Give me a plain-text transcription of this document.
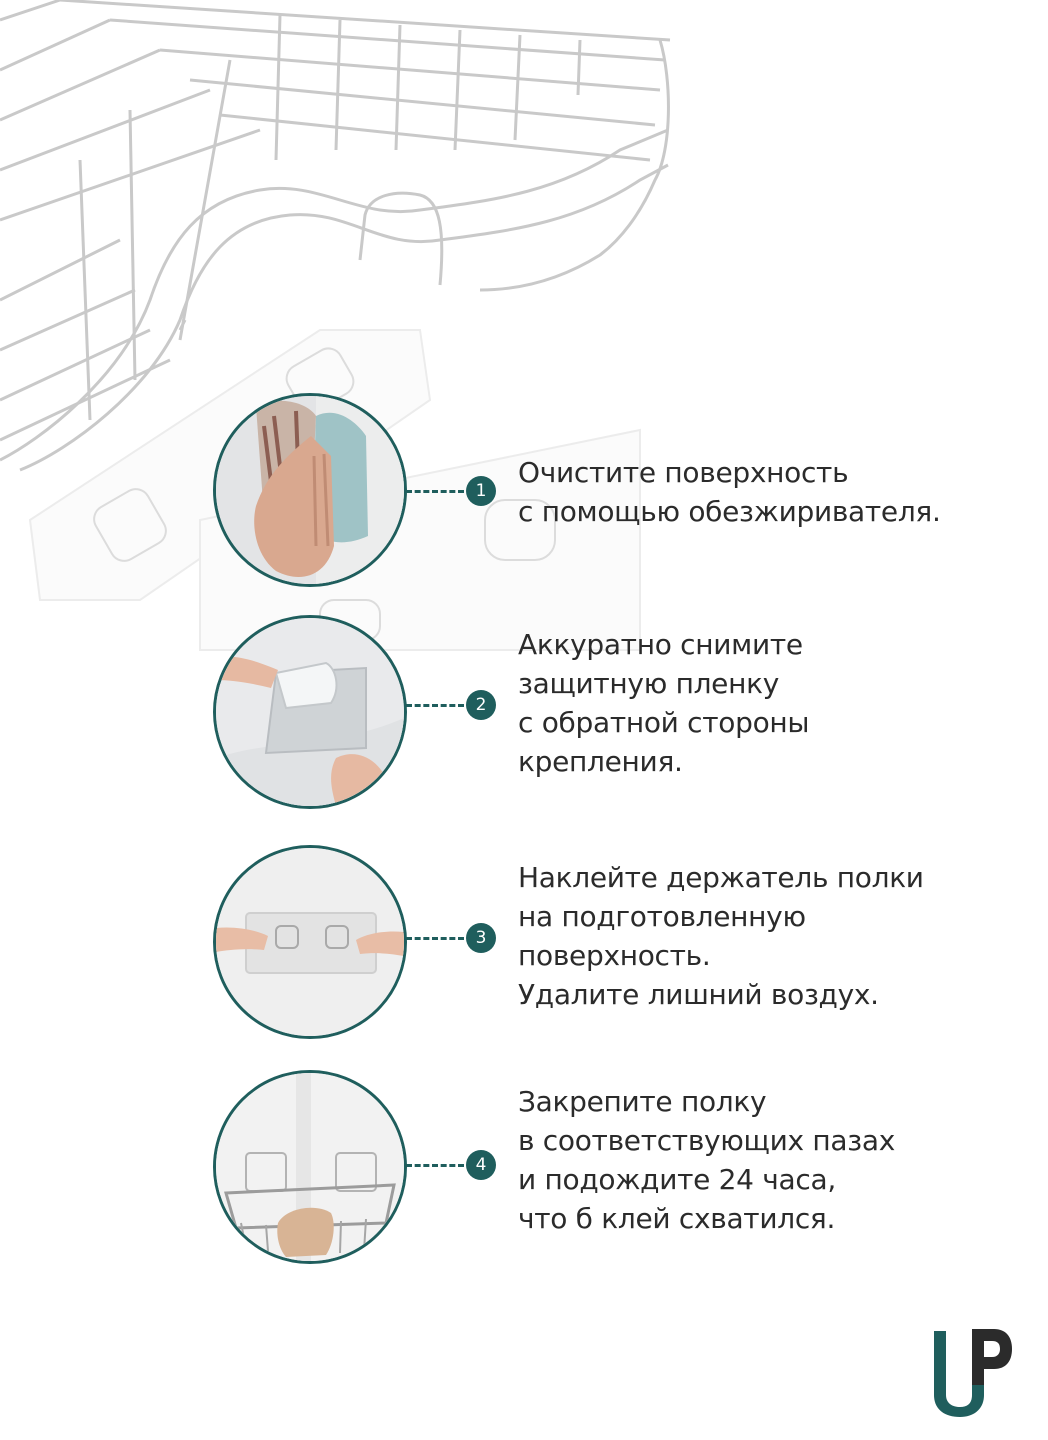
1
Очистите поверхность
с помощью обезжиривателя.
2
Аккуратно снимите
защитную пленку
с обратной стороны
крепления.
3
Наклейте держатель полки
на подготовленную
поверхность.
Удалите лишний воздух.
4
Закрепите полку
в соответствующих пазах
и подождите 24 часа,
что б клей схватился.
